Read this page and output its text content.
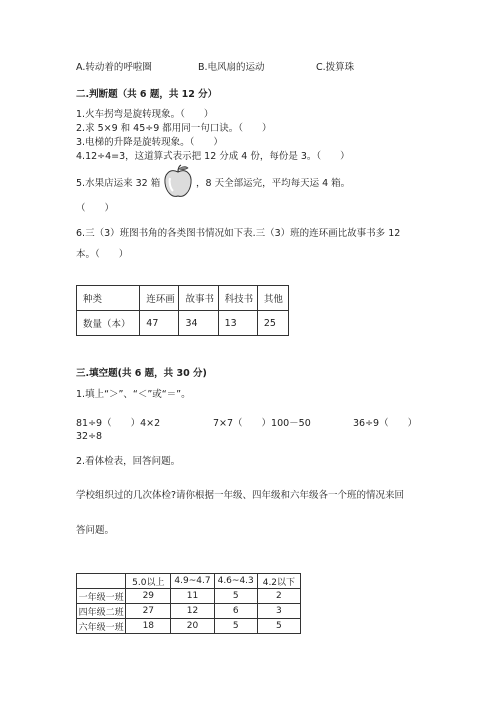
A.转动着的呼啦圈	B.电风扇的运动	C.拨算珠
二.判断题（共 6 题，共 12 分）
1.火车拐弯是旋转现象。（　　）
2.求 5×9 和 45÷9 都用同一句口诀。（　　）
3.电梯的升降是旋转现象。（　　）
4.12÷4=3，这道算式表示把 12 分成 4 份，每份是 3。（　　）
5.水果店运来 32 箱	，8 天全部运完，平均每天运 4 箱。
（　　）
6.三（3）班图书角的各类图书情况如下表.三（3）班的连环画比故事书多 12
本。（　　）
种类	连环画	故事书	科技书	其他
数量（本）	47	34	13	25
三.填空题(共 6 题，共 30 分)
1.填上“＞”、“＜”或“＝”。
81÷9（　　）4×2	7×7（　　）100－50	36÷9（　　）
32÷8
2.看体检表，回答问题。
学校组织过的几次体检?请你根据一年级、四年级和六年级各一个班的情况来回
答问题。
	5.0以上	4.9~4.7	4.6~4.3	4.2以下
一年级一班	29	11	5	2
四年级二班	27	12	6	3
六年级一班	18	20	5	5
